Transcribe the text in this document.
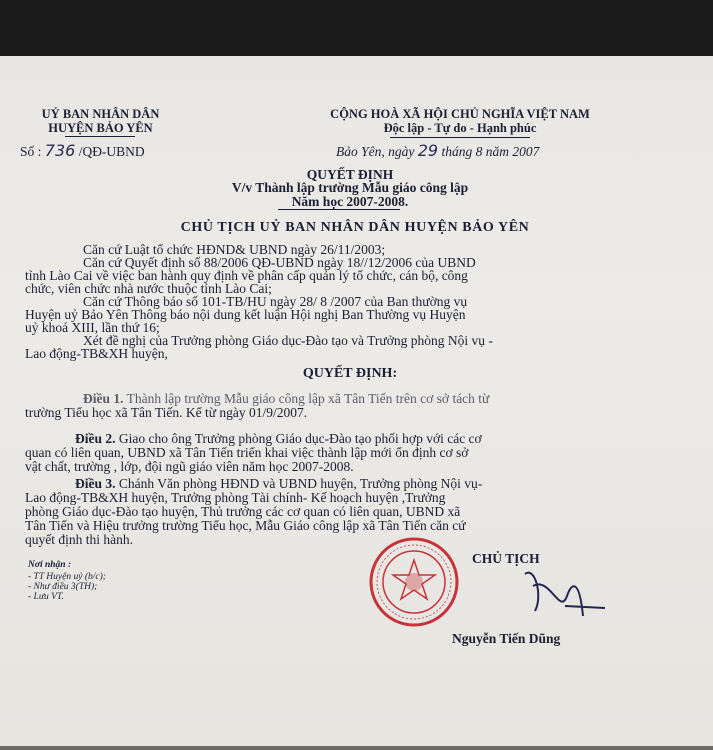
UỶ BAN NHÂN DÂN
HUYỆN BẢO YÊN
Số : 736 /QĐ-UBND
CỘNG HOÀ XÃ HỘI CHỦ NGHĨA VIỆT NAM
Độc lập - Tự do - Hạnh phúc
Bảo Yên, ngày 29 tháng 8 năm 2007
QUYẾT ĐỊNH
V/v Thành lập trường Mẫu giáo công lập
Năm học 2007-2008.
CHỦ TỊCH UỶ BAN NHÂN DÂN HUYỆN BẢO YÊN
Căn cứ Luật tổ chức HĐND& UBND ngày 26/11/2003;
Căn cứ Quyết định số 88/2006 QĐ-UBND ngày 18//12/2006 của UBND
tỉnh Lào Cai về việc ban hành quy định về phân cấp quản lý tổ chức, cán bộ, công
chức, viên chức nhà nước thuộc tỉnh Lào Cai;
Căn cứ Thông báo số 101-TB/HU ngày 28/ 8 /2007 của Ban thường vụ
Huyện uỷ Bảo Yên Thông báo nội dung kết luận Hội nghị Ban Thường vụ Huyện
uỷ khoá XIII, lần thứ 16;
Xét đề nghị của Trưởng phòng Giáo dục-Đào tạo và Trưởng phòng Nội vụ -
Lao động-TB&XH huyện,
QUYẾT ĐỊNH:
Điều 1. Thành lập trường Mẫu giáo công lập xã Tân Tiến trên cơ sở tách từ
trường Tiểu học xã Tân Tiến. Kể từ ngày 01/9/2007.
Điều 2. Giao cho ông Trưởng phòng Giáo dục-Đào tạo phối hợp với các cơ
quan có liên quan, UBND xã Tân Tiến triển khai việc thành lập mới ổn định cơ sở
vật chất, trường , lớp, đội ngũ giáo viên năm học 2007-2008.
Điều 3. Chánh Văn phòng HĐND và UBND huyện, Trưởng phòng Nội vụ-
Lao động-TB&XH huyện, Trưởng phòng Tài chính- Kế hoạch huyện ,Trưởng
phòng Giáo dục-Đào tạo huyện, Thủ trưởng các cơ quan có liên quan, UBND xã
Tân Tiến và Hiệu trưởng trường Tiểu học, Mẫu Giáo công lập xã Tân Tiến căn cứ
quyết định thi hành.
Nơi nhận :
- TT Huyện uỷ (b/c);
- Như điều 3(TH);
- Lưu VT.
CHỦ TỊCH
Nguyễn Tiến Dũng
